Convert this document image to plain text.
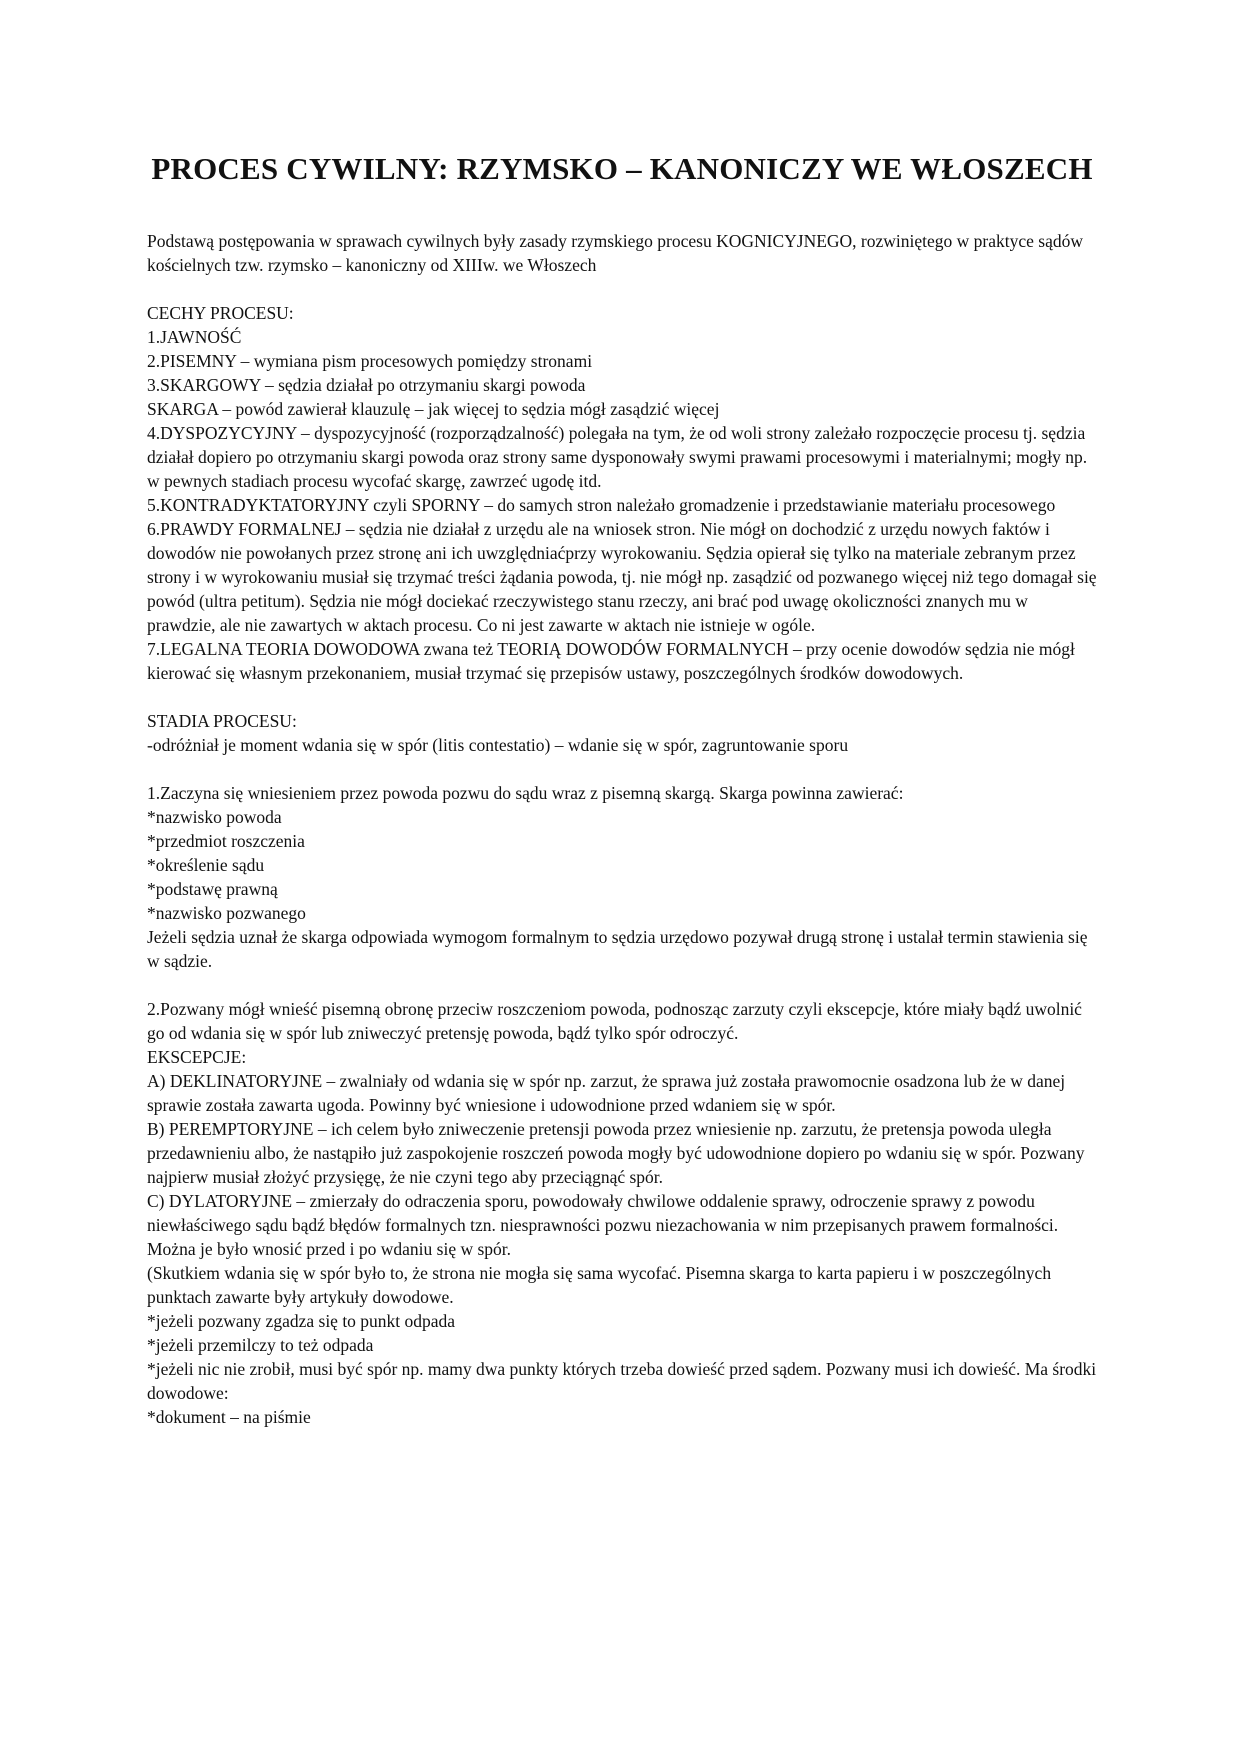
PROCES CYWILNY: RZYMSKO – KANONICZY WE WŁOSZECH

Podstawą postępowania w sprawach cywilnych były zasady rzymskiego procesu KOGNICYJNEGO, rozwiniętego w praktyce sądów kościelnych tzw. rzymsko – kanoniczny od XIIIw. we Włoszech

CECHY PROCESU:

1.JAWNOŚĆ

2.PISEMNY – wymiana pism procesowych pomiędzy stronami

3.SKARGOWY – sędzia działał po otrzymaniu skargi powoda

SKARGA – powód zawierał klauzulę – jak więcej to sędzia mógł zasądzić więcej

4.DYSPOZYCYJNY – dyspozycyjność (rozporządzalność) polegała na tym, że od woli strony zależało rozpoczęcie procesu tj. sędzia działał dopiero po otrzymaniu skargi powoda oraz strony same dysponowały swymi prawami procesowymi i materialnymi; mogły np. w pewnych stadiach procesu wycofać skargę, zawrzeć ugodę itd.

5.KONTRADYKTATORYJNY czyli SPORNY – do samych stron należało gromadzenie i przedstawianie materiału procesowego

6.PRAWDY FORMALNEJ – sędzia nie działał z urzędu ale na wniosek stron. Nie mógł on dochodzić z urzędu nowych faktów i dowodów nie powołanych przez stronę ani ich uwzględniaćprzy wyrokowaniu. Sędzia opierał się tylko na materiale zebranym przez strony i w wyrokowaniu musiał się trzymać treści żądania powoda, tj. nie mógł np. zasądzić od pozwanego więcej niż tego domagał się powód (ultra petitum). Sędzia nie mógł dociekać rzeczywistego stanu rzeczy, ani brać pod uwagę okoliczności znanych mu w prawdzie, ale nie zawartych w aktach procesu. Co ni jest zawarte w aktach nie istnieje w ogóle.

7.LEGALNA TEORIA DOWODOWA zwana też TEORIĄ DOWODÓW FORMALNYCH – przy ocenie dowodów sędzia nie mógł kierować się własnym przekonaniem, musiał trzymać się przepisów ustawy, poszczególnych środków dowodowych.

STADIA PROCESU:

-odróżniał je moment wdania się w spór (litis contestatio) – wdanie się w spór, zagruntowanie sporu

1.Zaczyna się wniesieniem przez powoda pozwu do sądu wraz z pisemną skargą. Skarga powinna zawierać:

*nazwisko powoda

*przedmiot roszczenia

*określenie sądu

*podstawę prawną

*nazwisko pozwanego

Jeżeli sędzia uznał że skarga odpowiada wymogom formalnym to sędzia urzędowo pozywał drugą stronę i ustalał termin stawienia się w sądzie.

2.Pozwany mógł wnieść pisemną obronę przeciw roszczeniom powoda, podnosząc zarzuty czyli ekscepcje, które miały bądź uwolnić go od wdania się w spór lub zniweczyć pretensję powoda, bądź tylko spór odroczyć.

EKSCEPCJE:

A) DEKLINATORYJNE – zwalniały od wdania się w spór np. zarzut, że sprawa już została prawomocnie osadzona lub że w danej sprawie została zawarta ugoda. Powinny być wniesione i udowodnione przed wdaniem się w spór.

B) PEREMPTORYJNE – ich celem było zniweczenie pretensji powoda przez wniesienie np. zarzutu, że pretensja powoda uległa przedawnieniu albo, że nastąpiło już zaspokojenie roszczeń powoda mogły być udowodnione dopiero po wdaniu się w spór. Pozwany najpierw musiał złożyć przysięgę, że nie czyni tego aby przeciągnąć spór.

C) DYLATORYJNE – zmierzały do odraczenia sporu, powodowały chwilowe oddalenie sprawy, odroczenie sprawy z powodu niewłaściwego sądu bądź błędów formalnych tzn. niesprawności pozwu niezachowania w nim przepisanych prawem formalności. Można je było wnosić przed i po wdaniu się w spór.

(Skutkiem wdania się w spór było to, że strona nie mogła się sama wycofać. Pisemna skarga to karta papieru i w poszczególnych punktach zawarte były artykuły dowodowe.

*jeżeli pozwany zgadza się to punkt odpada

*jeżeli przemilczy to też odpada

*jeżeli nic nie zrobił, musi być spór np. mamy dwa punkty których trzeba dowieść przed sądem. Pozwany musi ich dowieść. Ma środki dowodowe:

*dokument – na piśmie
